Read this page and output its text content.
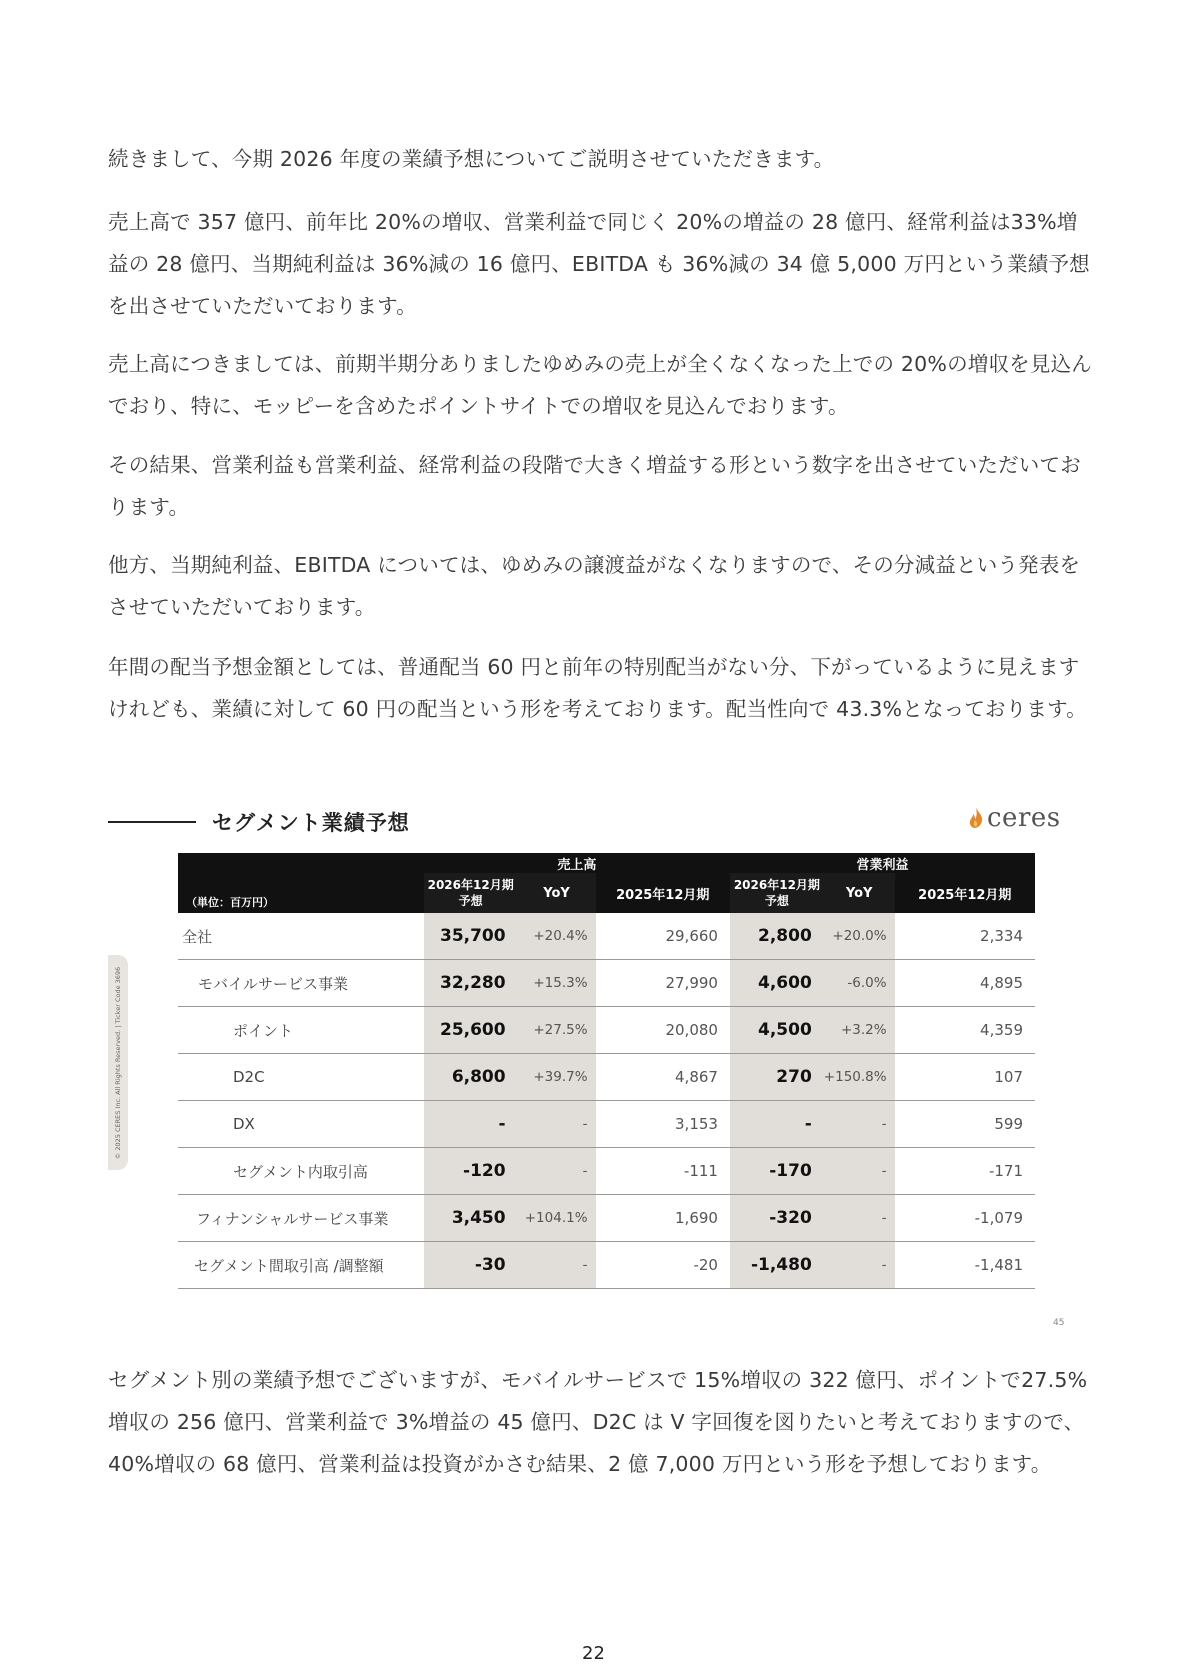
続きまして、今期 2026 年度の業績予想についてご説明させていただきます。

売上高で 357 億円、前年比 20%の増収、営業利益で同じく 20%の増益の 28 億円、経常利益は33%増益の 28 億円、当期純利益は 36%減の 16 億円、EBITDA も 36%減の 34 億 5,000 万円という業績予想を出させていただいております。

売上高につきましては、前期半期分ありましたゆめみの売上が全くなくなった上での 20%の増収を見込んでおり、特に、モッピーを含めたポイントサイトでの増収を見込んでおります。

その結果、営業利益も営業利益、経常利益の段階で大きく増益する形という数字を出させていただいております。

他方、当期純利益、EBITDA については、ゆめみの譲渡益がなくなりますので、その分減益という発表をさせていただいております。

年間の配当予想金額としては、普通配当 60 円と前年の特別配当がない分、下がっているように見えますけれども、業績に対して 60 円の配当という形を考えております。配当性向で 43.3%となっております。

セグメント業績予想	ceres
© 2025 CERES Inc. All Rights Reserved. | Ticker Code 3696
（単位：百万円）	売上高			営業利益		
	2026年12月期 予想	YoY	2025年12月期	2026年12月期 予想	YoY	2025年12月期
全社	35,700	+20.4%	29,660	2,800	+20.0%	2,334
モバイルサービス事業	32,280	+15.3%	27,990	4,600	-6.0%	4,895
ポイント	25,600	+27.5%	20,080	4,500	+3.2%	4,359
D2C	6,800	+39.7%	4,867	270	+150.8%	107
DX	-	-	3,153	-	-	599
セグメント内取引高	-120	-	-111	-170	-	-171
フィナンシャルサービス事業	3,450	+104.1%	1,690	-320	-	-1,079
セグメント間取引高 /調整額	-30	-	-20	-1,480	-	-1,481
45

セグメント別の業績予想でございますが、モバイルサービスで 15%増収の 322 億円、ポイントで27.5%増収の 256 億円、営業利益で 3%増益の 45 億円、D2C は V 字回復を図りたいと考えておりますので、40%増収の 68 億円、営業利益は投資がかさむ結果、2 億 7,000 万円という形を予想しております。

22
